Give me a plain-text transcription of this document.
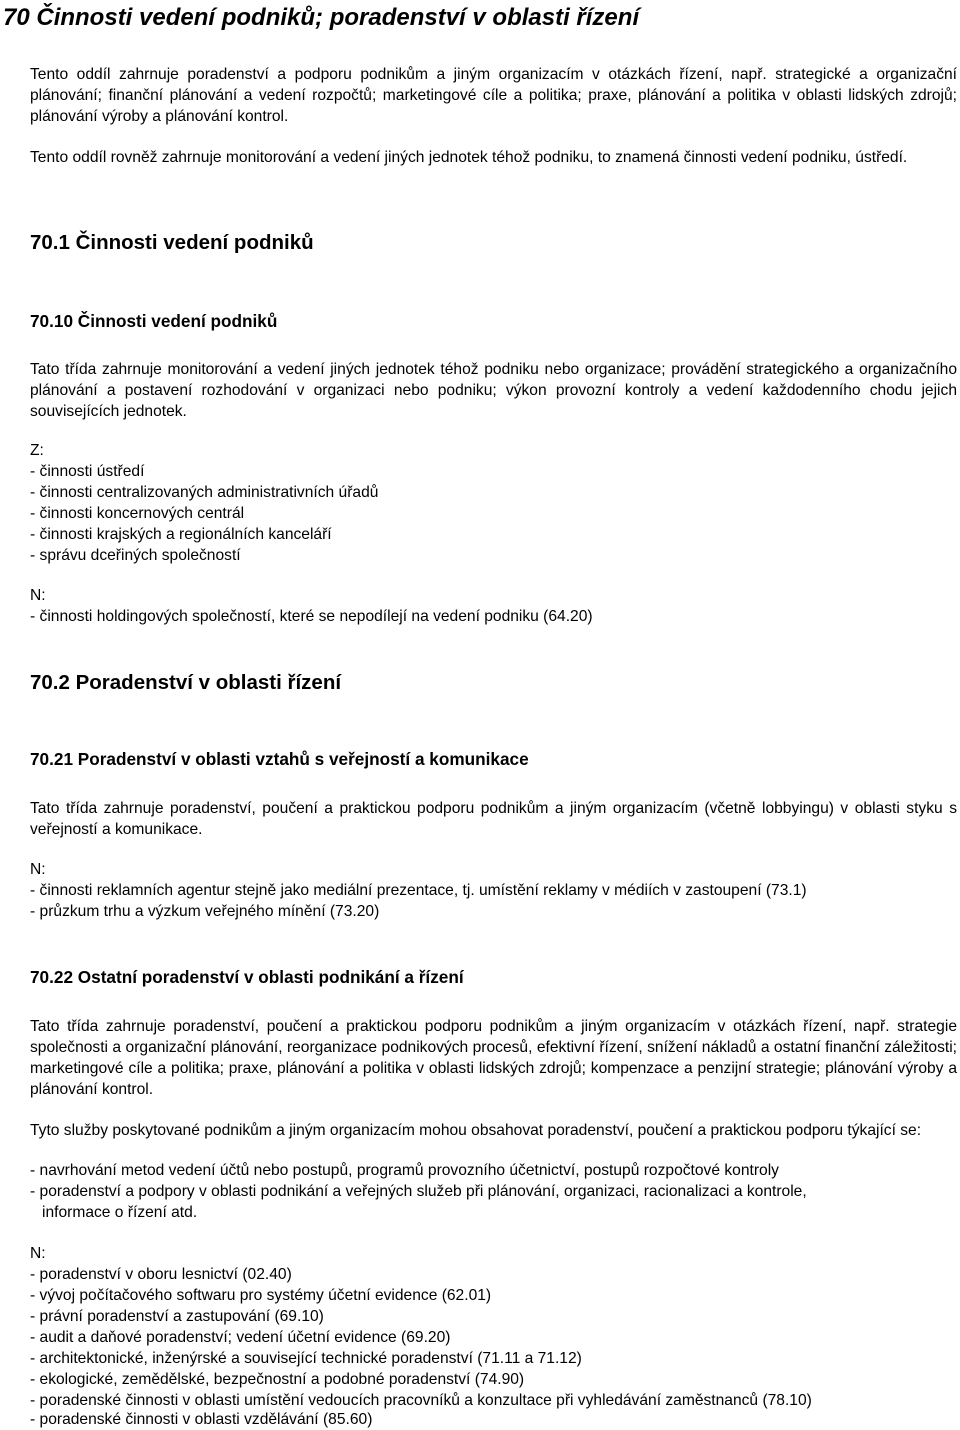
70 Činnosti vedení podniků; poradenství v oblasti řízení

Tento oddíl zahrnuje poradenství a podporu podnikům a jiným organizacím v otázkách řízení, např. strategické a organizační plánování; finanční plánování a vedení rozpočtů; marketingové cíle a politika; praxe, plánování a politika v oblasti lidských zdrojů; plánování výroby a plánování kontrol.

Tento oddíl rovněž zahrnuje monitorování a vedení jiných jednotek téhož podniku, to znamená činnosti vedení podniku, ústředí.

70.1 Činnosti vedení podniků
70.10 Činnosti vedení podniků

Tato třída zahrnuje monitorování a vedení jiných jednotek téhož podniku nebo organizace; provádění strategického a organizačního plánování a postavení rozhodování v organizaci nebo podniku; výkon provozní kontroly a vedení každodenního chodu jejich souvisejících jednotek.

Z:

- činnosti ústředí

- činnosti centralizovaných administrativních úřadů

- činnosti koncernových centrál

- činnosti krajských a regionálních kanceláří

- správu dceřiných společností

N:

- činnosti holdingových společností, které se nepodílejí na vedení podniku (64.20)

70.2 Poradenství v oblasti řízení
70.21 Poradenství v oblasti vztahů s veřejností a komunikace

Tato třída zahrnuje poradenství, poučení a praktickou podporu podnikům a jiným organizacím (včetně lobbyingu) v oblasti styku s veřejností a komunikace.

N:

- činnosti reklamních agentur stejně jako mediální prezentace, tj. umístění reklamy v médiích v zastoupení (73.1)

- průzkum trhu a výzkum veřejného mínění (73.20)

70.22 Ostatní poradenství v oblasti podnikání a řízení

Tato třída zahrnuje poradenství, poučení a praktickou podporu podnikům a jiným organizacím v otázkách řízení, např. strategie společnosti a organizační plánování, reorganizace podnikových procesů, efektivní řízení, snížení nákladů a ostatní finanční záležitosti; marketingové cíle a politika; praxe, plánování a politika v oblasti lidských zdrojů; kompenzace a penzijní strategie; plánování výroby a plánování kontrol.

Tyto služby poskytované podnikům a jiným organizacím mohou obsahovat poradenství, poučení a praktickou podporu týkající se:

- navrhování metod vedení účtů nebo postupů, programů provozního účetnictví, postupů rozpočtové kontroly

- poradenství a podpory v oblasti podnikání a veřejných služeb při plánování, organizaci, racionalizaci a kontrole,

informace o řízení atd.

N:

- poradenství v oboru lesnictví (02.40)

- vývoj počítačového softwaru pro systémy účetní evidence (62.01)

- právní poradenství a zastupování (69.10)

- audit a daňové poradenství; vedení účetní evidence (69.20)

- architektonické, inženýrské a související technické poradenství (71.11 a 71.12)

- ekologické, zemědělské, bezpečnostní a podobné poradenství (74.90)

- poradenské činnosti v oblasti umístění vedoucích pracovníků a konzultace při vyhledávání zaměstnanců (78.10)

- poradenské činnosti v oblasti vzdělávání (85.60)
